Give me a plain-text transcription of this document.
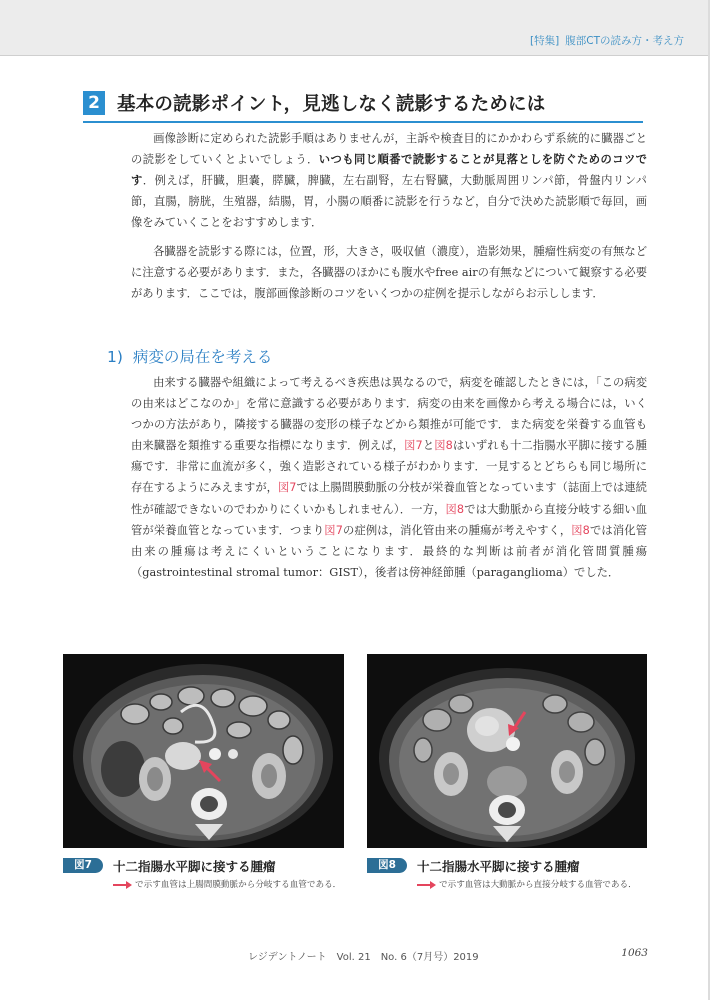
[特集] 腹部CTの読み方・考え方
2 基本の読影ポイント，見逃しなく読影するためには

画像診断に定められた読影手順はありませんが，主訴や検査目的にかかわらず系統的に臓器ごとの読影をしていくとよいでしょう．いつも同じ順番で読影することが見落としを防ぐためのコツです．例えば，肝臓，胆嚢，膵臓，脾臓，左右副腎，左右腎臓，大動脈周囲リンパ節，骨盤内リンパ節，直腸，膀胱，生殖器，結腸，胃，小腸の順番に読影を行うなど，自分で決めた読影順で毎回，画像をみていくことをおすすめします．

各臓器を読影する際には，位置，形，大きさ，吸収値（濃度），造影効果，腫瘤性病変の有無などに注意する必要があります．また，各臓器のほかにも腹水やfree airの有無などについて観察する必要があります．ここでは，腹部画像診断のコツをいくつかの症例を提示しながらお示しします．

1) 病変の局在を考える

由来する臓器や組織によって考えるべき疾患は異なるので，病変を確認したときには，「この病変の由来はどこなのか」を常に意識する必要があります．病変の由来を画像から考える場合には，いくつかの方法があり，隣接する臓器の変形の様子などから類推が可能です．また病変を栄養する血管も由来臓器を類推する重要な指標になります．例えば，図7と図8はいずれも十二指腸水平脚に接する腫瘍です．非常に血流が多く，強く造影されている様子がわかります．一見するとどちらも同じ場所に存在するようにみえますが，図7では上腸間膜動脈の分枝が栄養血管となっています（誌面上では連続性が確認できないのでわかりにくいかもしれません）．一方，図8では大動脈から直接分岐する細い血管が栄養血管となっています．つまり図7の症例は，消化管由来の腫瘍が考えやすく，図8では消化管由来の腫瘍は考えにくいということになります．最終的な判断は前者が消化管間質腫瘍（gastrointestinal stromal tumor：GIST），後者は傍神経節腫（paraganglioma）でした．

図7	十二指腸水平脚に接する腫瘤
で示す血管は上腸間膜動脈から分岐する血管である．
図8	十二指腸水平脚に接する腫瘤
で示す血管は大動脈から直接分岐する血管である．
レジデントノート　Vol. 21　No. 6（7月号）2019	1063
